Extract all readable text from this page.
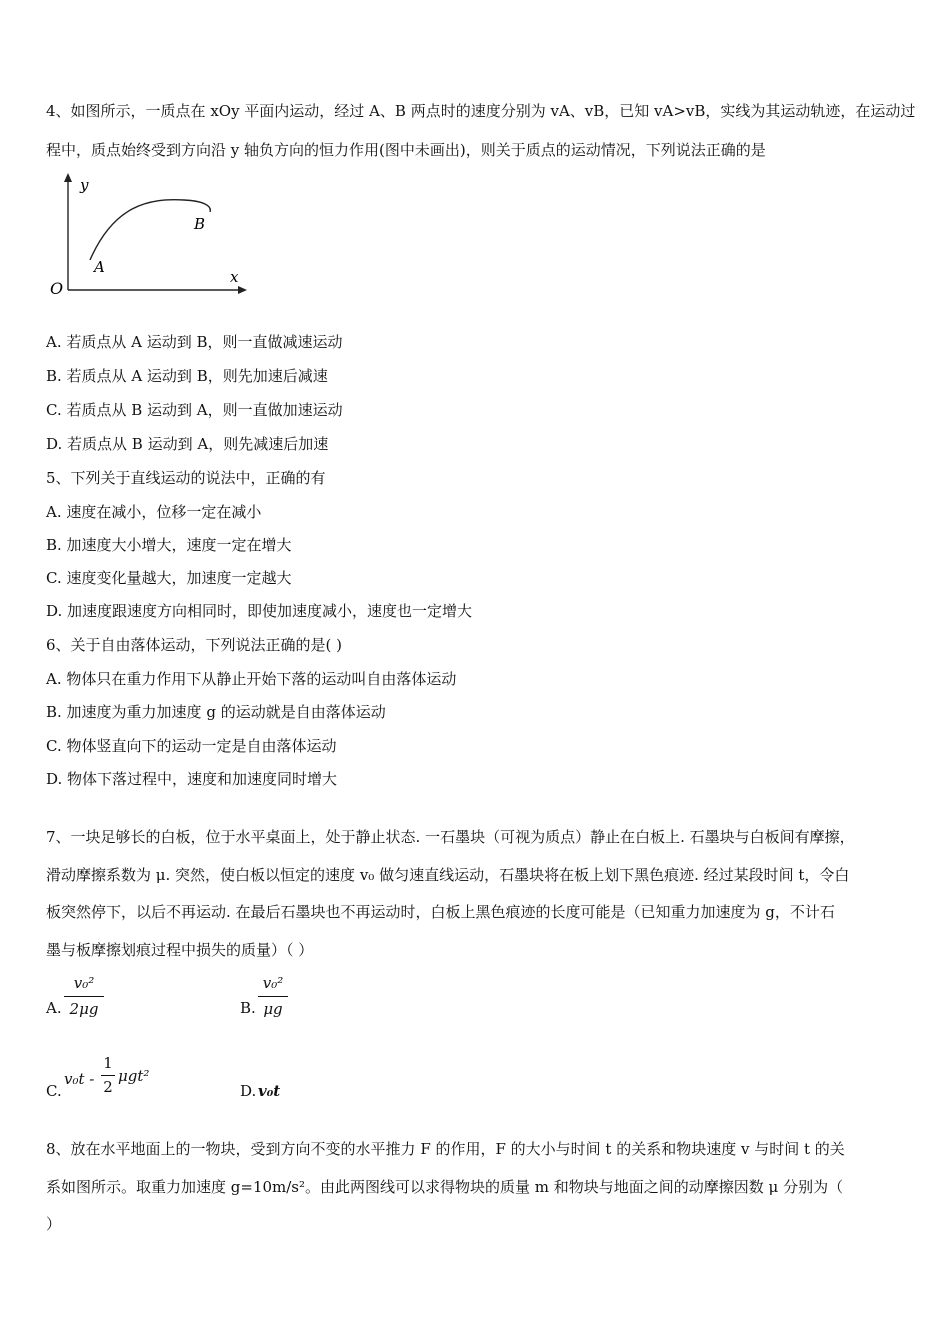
4、如图所示，一质点在 xOy 平面内运动，经过 A、B 两点时的速度分别为 vA、vB，已知 vA>vB，实线为其运动轨迹，在运动过
程中，质点始终受到方向沿 y 轴负方向的恒力作用(图中未画出)，则关于质点的运动情况，下列说法正确的是
y
x
O
A
B
A. 若质点从 A 运动到 B，则一直做减速运动
B. 若质点从 A 运动到 B，则先加速后减速
C. 若质点从 B 运动到 A，则一直做加速运动
D. 若质点从 B 运动到 A，则先减速后加速
5、下列关于直线运动的说法中，正确的有
A. 速度在减小，位移一定在减小
B. 加速度大小增大，速度一定在增大
C. 速度变化量越大，加速度一定越大
D. 加速度跟速度方向相同时，即使加速度减小，速度也一定增大
6、关于自由落体运动，下列说法正确的是( )
A. 物体只在重力作用下从静止开始下落的运动叫自由落体运动
B. 加速度为重力加速度 g 的运动就是自由落体运动
C. 物体竖直向下的运动一定是自由落体运动
D. 物体下落过程中，速度和加速度同时增大
7、一块足够长的白板，位于水平桌面上，处于静止状态. 一石墨块（可视为质点）静止在白板上. 石墨块与白板间有摩擦，
滑动摩擦系数为 μ. 突然，使白板以恒定的速度 v₀ 做匀速直线运动，石墨块将在板上划下黑色痕迹. 经过某段时间 t，令白
板突然停下，以后不再运动. 在最后石墨块也不再运动时，白板上黑色痕迹的长度可能是（已知重力加速度为 g，不计石
墨与板摩擦划痕过程中损失的质量）（ ）
A.
v₀²
2μg	B.
v₀²
μg
C.
v₀t -
1
2
μgt²
D. v₀t
8、放在水平地面上的一物块，受到方向不变的水平推力 F 的作用，F 的大小与时间 t 的关系和物块速度 v 与时间 t 的关
系如图所示。取重力加速度 g=10m/s²。由此两图线可以求得物块的质量 m 和物块与地面之间的动摩擦因数 μ 分别为（
）
